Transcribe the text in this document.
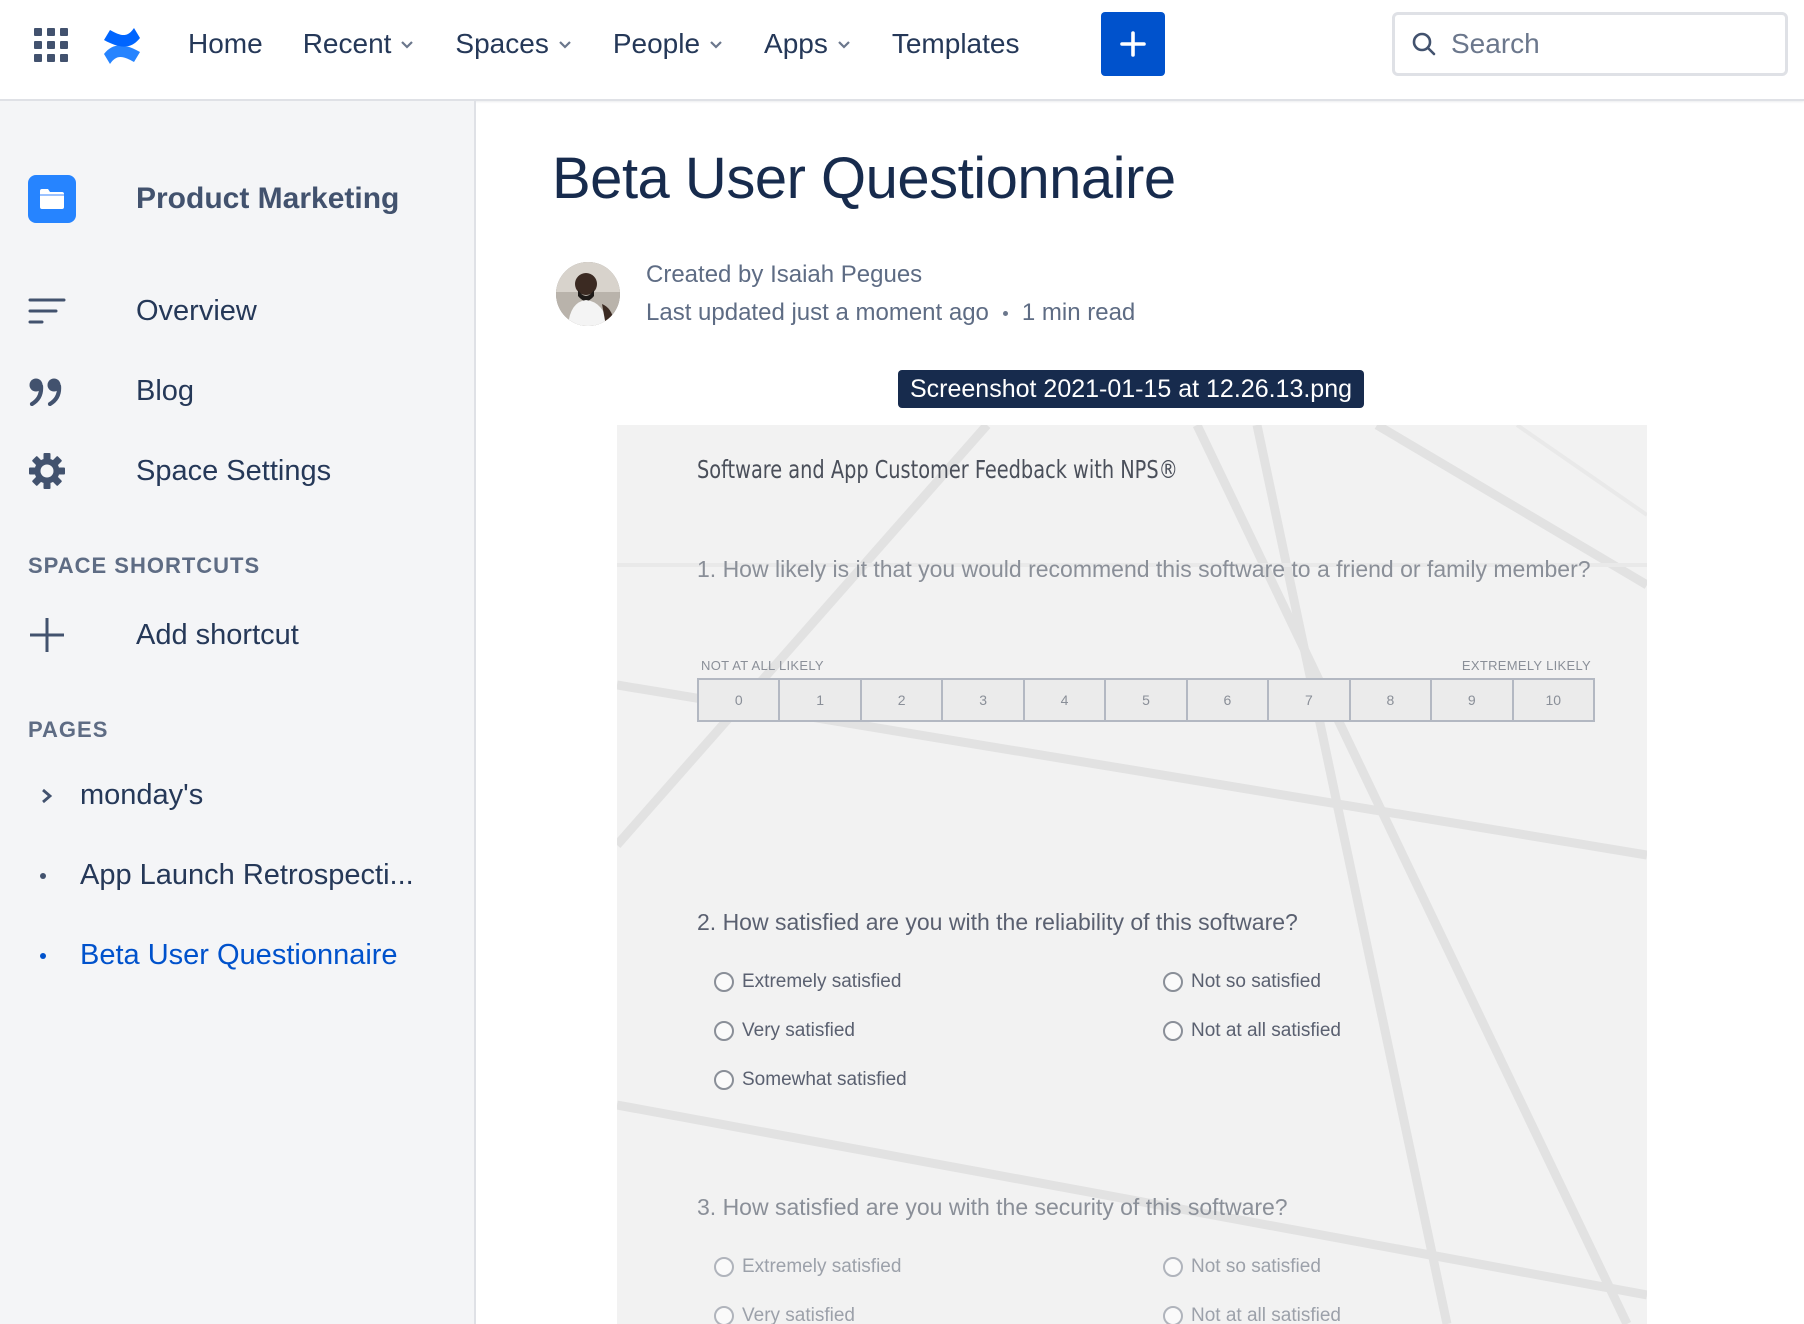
Home Recent Spaces People Apps Templates
Search
Product Marketing
Overview
Blog
Space Settings
SPACE SHORTCUTS
Add shortcut
PAGES
monday's
App Launch Retrospecti...
Beta User Questionnaire
Beta User Questionnaire
Created by Isaiah Pegues
Last updated just a moment ago 1 min read
Screenshot 2021-01-15 at 12.26.13.png
Software and App Customer Feedback with NPS®
1. How likely is it that you would recommend this software to a friend or family member?
NOT AT ALL LIKELY	EXTREMELY LIKELY
0	1	2	3	4	5	6	7	8	9	10
2. How satisfied are you with the reliability of this software?
Extremely satisfied	Not so satisfied
Very satisfied	Not at all satisfied
Somewhat satisfied
3. How satisfied are you with the security of this software?
Extremely satisfied	Not so satisfied
Very satisfied	Not at all satisfied
